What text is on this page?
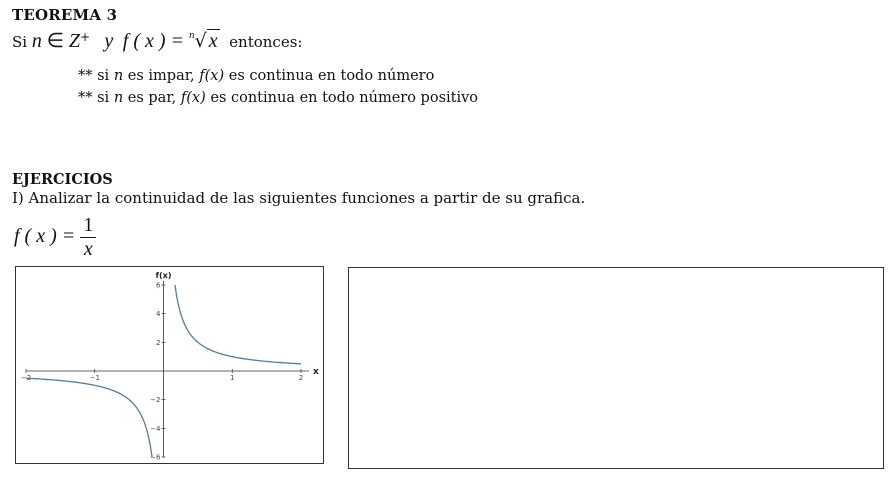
TEOREMA 3
Si n ∈ Z+ y f ( x ) = $^n$√ x entonces:
** si n es impar, f(x) es continua en todo número
** si n es par, f(x) es continua en todo número positivo
EJERCICIOS
I) Analizar la continuidad de las siguientes funciones a partir de su grafica.
f ( x ) = $\frac{1}{x}$
−2	−1	1	2
−6
−4
−2
2
4
6
x
f(x)
